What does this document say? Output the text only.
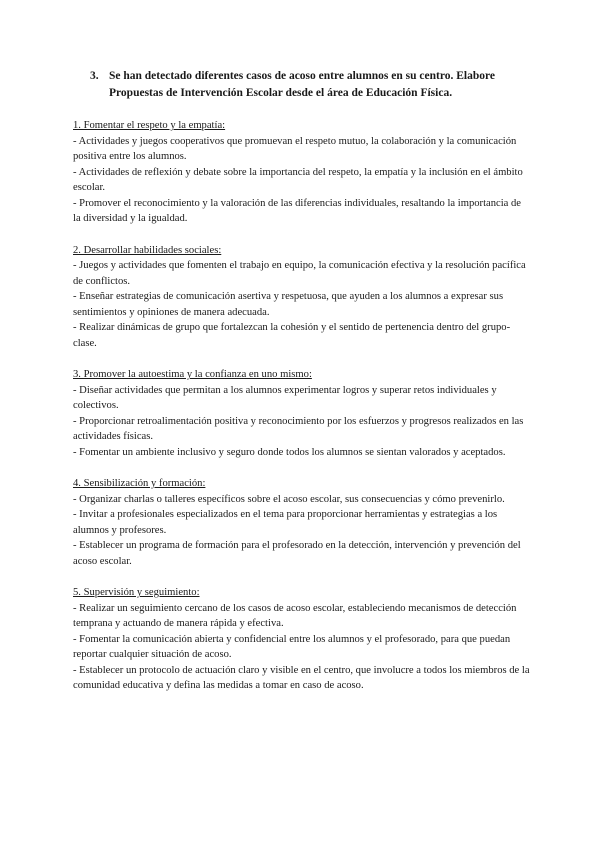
3. Se han detectado diferentes casos de acoso entre alumnos en su centro. Elabore Propuestas de Intervención Escolar desde el área de Educación Física.
1. Fomentar el respeto y la empatía:

- Actividades y juegos cooperativos que promuevan el respeto mutuo, la colaboración y la comunicación positiva entre los alumnos.

- Actividades de reflexión y debate sobre la importancia del respeto, la empatía y la inclusión en el ámbito escolar.

- Promover el reconocimiento y la valoración de las diferencias individuales, resaltando la importancia de la diversidad y la igualdad.

2. Desarrollar habilidades sociales:

- Juegos y actividades que fomenten el trabajo en equipo, la comunicación efectiva y la resolución pacífica de conflictos.

- Enseñar estrategias de comunicación asertiva y respetuosa, que ayuden a los alumnos a expresar sus sentimientos y opiniones de manera adecuada.

- Realizar dinámicas de grupo que fortalezcan la cohesión y el sentido de pertenencia dentro del grupo-clase.

3. Promover la autoestima y la confianza en uno mismo:

- Diseñar actividades que permitan a los alumnos experimentar logros y superar retos individuales y colectivos.

- Proporcionar retroalimentación positiva y reconocimiento por los esfuerzos y progresos realizados en las actividades físicas.

- Fomentar un ambiente inclusivo y seguro donde todos los alumnos se sientan valorados y aceptados.

4. Sensibilización y formación:

- Organizar charlas o talleres específicos sobre el acoso escolar, sus consecuencias y cómo prevenirlo.

- Invitar a profesionales especializados en el tema para proporcionar herramientas y estrategias a los alumnos y profesores.

- Establecer un programa de formación para el profesorado en la detección, intervención y prevención del acoso escolar.

5. Supervisión y seguimiento:

- Realizar un seguimiento cercano de los casos de acoso escolar, estableciendo mecanismos de detección temprana y actuando de manera rápida y efectiva.

- Fomentar la comunicación abierta y confidencial entre los alumnos y el profesorado, para que puedan reportar cualquier situación de acoso.

- Establecer un protocolo de actuación claro y visible en el centro, que involucre a todos los miembros de la comunidad educativa y defina las medidas a tomar en caso de acoso.
